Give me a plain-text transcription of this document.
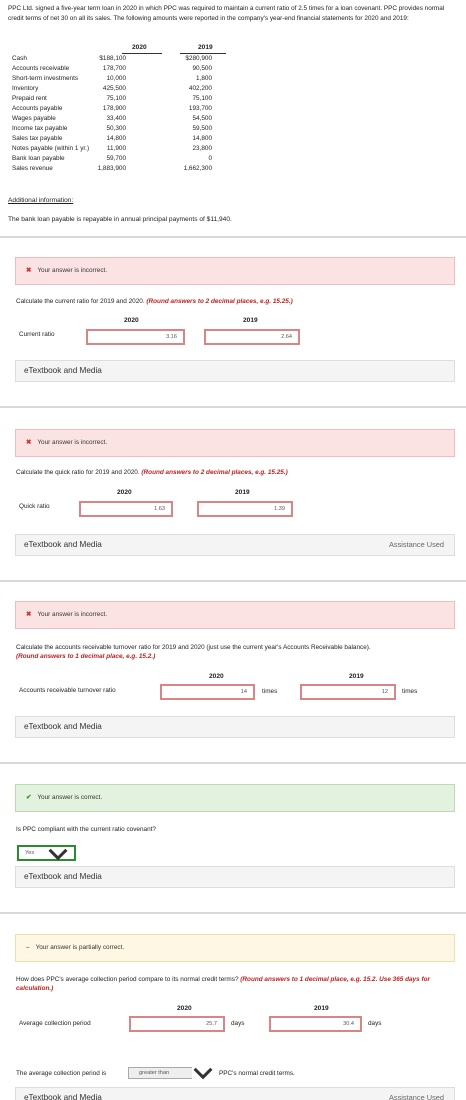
PPC Ltd. signed a five-year term loan in 2020 in which PPC was required to maintain a current ratio of 2.5 times for a loan covenant. PPC provides normal credit terms of net 30 on all its sales. The following amounts were reported in the company's year-end financial statements for 2020 and 2019:
2020	2019
Cash	$188,100	$280,900
Accounts receivable	178,700	90,500
Short-term investments	10,000	1,800
Inventory	425,500	402,200
Prepaid rent	75,100	75,100
Accounts payable	178,900	193,700
Wages payable	33,400	54,500
Income tax payable	50,300	59,500
Sales tax payable	14,800	14,800
Notes payable (within 1 yr.)	11,900	23,800
Bank loan payable	59,700	0
Sales revenue	1,883,900	1,662,300
Additional information:
The bank loan payable is repayable in annual principal payments of $11,940.
✖ Your answer is incorrect.
Calculate the current ratio for 2019 and 2020. (Round answers to 2 decimal places, e.g. 15.25.)
2020	2019
Current ratio	3.16	2.64
eTextbook and Media
✖ Your answer is incorrect.
Calculate the quick ratio for 2019 and 2020. (Round answers to 2 decimal places, e.g. 15.25.)
2020	2019
Quick ratio	1.63	1.39
eTextbook and Media	Assistance Used
✖ Your answer is incorrect.
Calculate the accounts receivable turnover ratio for 2019 and 2020 (just use the current year's Accounts Receivable balance).
(Round answers to 1 decimal place, e.g. 15.2.)
2020	2019
Accounts receivable turnover ratio	14	times	12	times
eTextbook and Media
✔ Your answer is correct.
Is PPC compliant with the current ratio covenant?
Yes
eTextbook and Media
– Your answer is partially correct.
How does PPC's average collection period compare to its normal credit terms? (Round answers to 1 decimal place, e.g. 15.2. Use 365 days for calculation.)
2020	2019
Average collection period	25.7	days	30.4	days
The average collection period is	greater than	PPC's normal credit terms.
eTextbook and Media	Assistance Used
